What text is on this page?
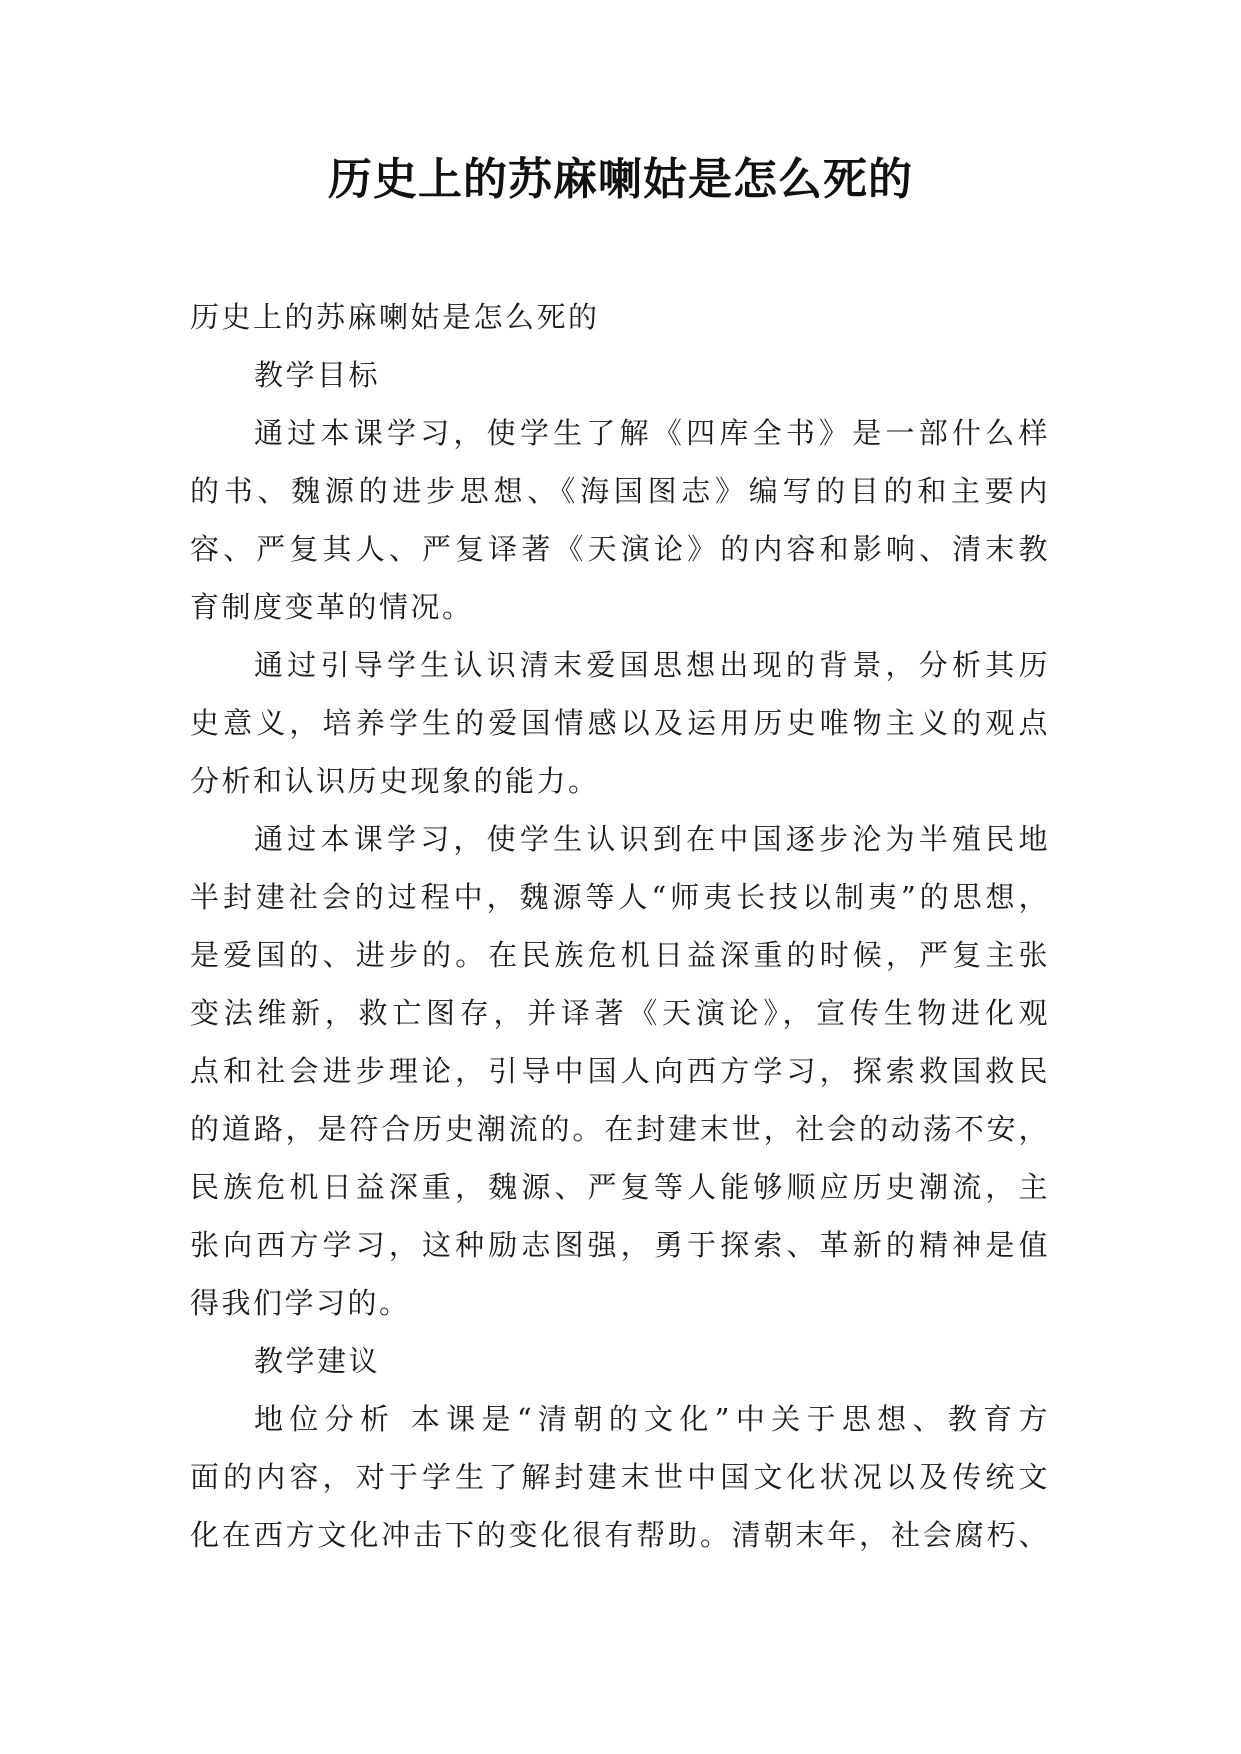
历史上的苏麻喇姑是怎么死的
历史上的苏麻喇姑是怎么死的
教学目标
通过本课学习，使学生了解《四库全书》是一部什么样
的书、魏源的进步思想、《海国图志》编写的目的和主要内
容、严复其人、严复译著《天演论》的内容和影响、清末教
育制度变革的情况。
通过引导学生认识清末爱国思想出现的背景，分析其历
史意义，培养学生的爱国情感以及运用历史唯物主义的观点
分析和认识历史现象的能力。
通过本课学习，使学生认识到在中国逐步沦为半殖民地
半封建社会的过程中，魏源等人“师夷长技以制夷”的思想，
是爱国的、进步的。在民族危机日益深重的时候，严复主张
变法维新，救亡图存，并译著《天演论》，宣传生物进化观
点和社会进步理论，引导中国人向西方学习，探索救国救民
的道路，是符合历史潮流的。在封建末世，社会的动荡不安，
民族危机日益深重，魏源、严复等人能够顺应历史潮流，主
张向西方学习，这种励志图强，勇于探索、革新的精神是值
得我们学习的。
教学建议
地位分析 本课是“清朝的文化”中关于思想、教育方
面的内容，对于学生了解封建末世中国文化状况以及传统文
化在西方文化冲击下的变化很有帮助。清朝末年，社会腐朽、
